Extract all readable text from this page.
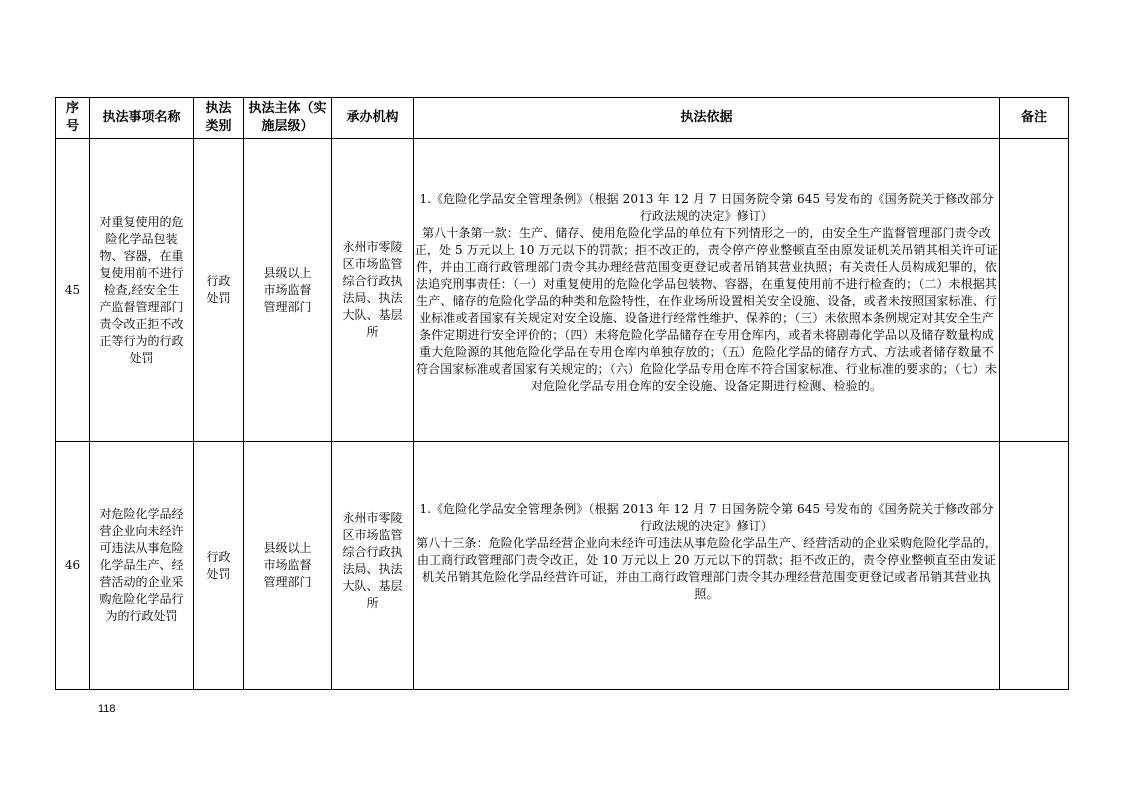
序号	执法事项名称	执法类别	执法主体（实施层级）	承办机构	执法依据	备注
45	对重复使用的危险化学品包装物、容器，在重复使用前不进行检查,经安全生产监督管理部门责令改正拒不改正等行为的行政处罚	行政处罚	县级以上市场监督管理部门	永州市零陵区市场监管综合行政执法局、执法大队、基层所	1.《危险化学品安全管理条例》（根据 2013 年 12 月 7 日国务院令第 645 号发布的《国务院关于修改部分行政法规的决定》修订）
第八十条第一款：生产、储存、使用危险化学品的单位有下列情形之一的，由安全生产监督管理部门责令改正，处 5 万元以上 10 万元以下的罚款；拒不改正的，责令停产停业整顿直至由原发证机关吊销其相关许可证件，并由工商行政管理部门责令其办理经营范围变更登记或者吊销其营业执照；有关责任人员构成犯罪的，依法追究刑事责任：（一）对重复使用的危险化学品包装物、容器，在重复使用前不进行检查的；（二）未根据其生产、储存的危险化学品的种类和危险特性，在作业场所设置相关安全设施、设备，或者未按照国家标准、行业标准或者国家有关规定对安全设施、设备进行经常性维护、保养的；（三）未依照本条例规定对其安全生产条件定期进行安全评价的；（四）未将危险化学品储存在专用仓库内，或者未将剧毒化学品以及储存数量构成重大危险源的其他危险化学品在专用仓库内单独存放的；（五）危险化学品的储存方式、方法或者储存数量不符合国家标准或者国家有关规定的；（六）危险化学品专用仓库不符合国家标准、行业标准的要求的；（七）未对危险化学品专用仓库的安全设施、设备定期进行检测、检验的。	

46	对危险化学品经营企业向未经许可违法从事危险化学品生产、经营活动的企业采购危险化学品行为的行政处罚	行政处罚	县级以上市场监督管理部门	永州市零陵区市场监管综合行政执法局、执法大队、基层所	1.《危险化学品安全管理条例》（根据 2013 年 12 月 7 日国务院令第 645 号发布的《国务院关于修改部分行政法规的决定》修订）
第八十三条：危险化学品经营企业向未经许可违法从事危险化学品生产、经营活动的企业采购危险化学品的，由工商行政管理部门责令改正，处 10 万元以上 20 万元以下的罚款；拒不改正的，责令停业整顿直至由发证机关吊销其危险化学品经营许可证，并由工商行政管理部门责令其办理经营范围变更登记或者吊销其营业执照。	

118
